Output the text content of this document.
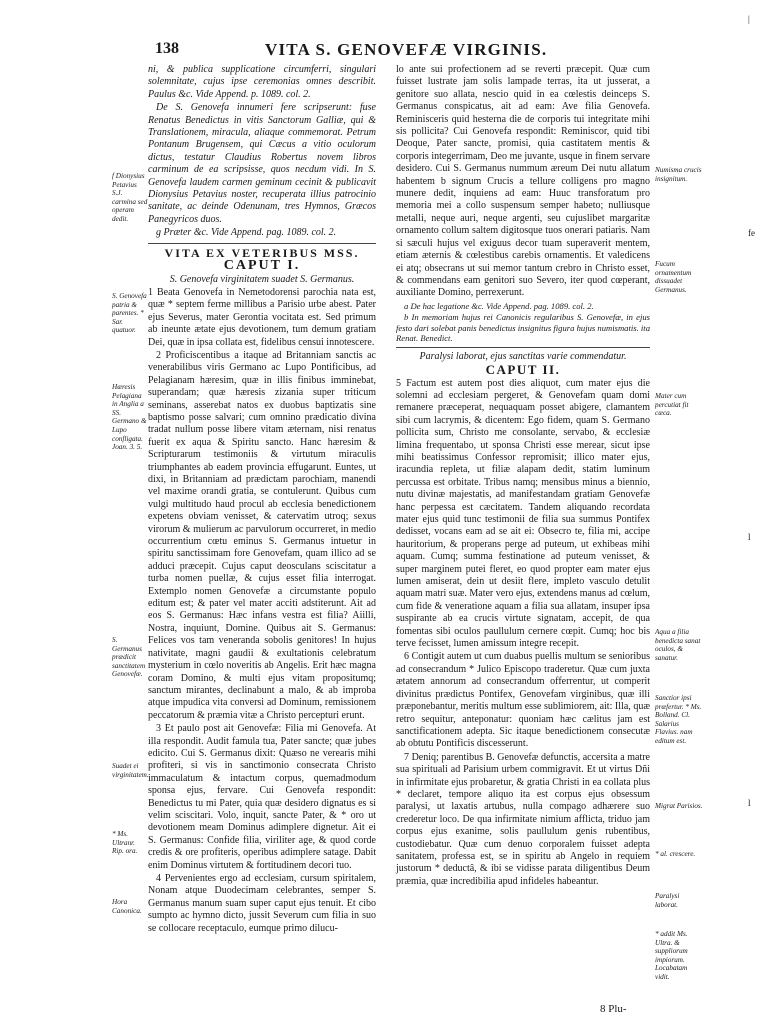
138	VITA S. GENOVEFÆ VIRGINIS.

ni, & publica supplicatione circumferri, singulari solemnitate, cujus ipse ceremonias omnes describit. Paulus &c. Vide Append. p. 1089. col. 2.

De S. Genovefa innumeri fere scripserunt: fuse Renatus Benedictus in vitis Sanctorum Galliæ, qui & Translationem, miracula, aliaque commemorat. Petrum Pontanum Brugensem, qui Cæcus a vitio oculorum dictus, testatur Claudius Robertus novem libros carminum de ea scripsisse, quos necdum vidi. In S. Genovefa laudem carmen geminum cecinit & publicavit Dionysius Petavius noster, recuperata illius patrocinio sanitate, ac deinde Odenunam, tres Hymnos, Græcos Panegyricos duos.

g Præter &c. Vide Append. pag. 1089. col. 2.

VITA EX VETERIBUS MSS.

CAPUT I.

S. Genovefa virginitatem suadet S. Germanus.

1 Beata Genovefa in Nemetodorensi parochia nata est, quæ * septem ferme millibus a Parisio urbe abest. Pater ejus Severus, mater Gerontia vocitata est. Sed primum ab ineunte ætate ejus devotionem, tum demum gratiam Dei, quæ in ipsa collata est, fidelibus censui innotescere.

2 Proficiscentibus a itaque ad Britanniam sanctis ac venerabilibus viris Germano ac Lupo Pontificibus, ad Pelagianam hæresim, quæ in illis finibus imminebat, superandam; quæ hæresis zizania super triticum seminans, asserebat natos ex duobus baptizatis sine baptismo posse salvari; cum omnino prædicatio divina tradat nullum posse libere vitam æternam, nisi renatus fuerit ex aqua & Spiritu sancto. Hanc hæresim & Scripturarum testimoniis & virtutum miraculis triumphantes ab eadem provincia effugarunt. Euntes, ut dixi, in Britanniam ad prædictam parochiam, manendi vel maxime orandi gratia, se contulerunt. Quibus cum vulgi multitudo haud procul ab ecclesia benedictionem expetens obviam venisset, & catervatim utroq; sexus virorum & mulierum ac parvulorum occurreret, in medio occurrentium cœtu eminus S. Germanus intuetur in spiritu sanctissimam fore Genovefam, quam illico ad se adduci præcepit. Cujus caput deosculans sciscitatur a turba nomen puellæ, & cujus esset filia interrogat. Extemplo nomen Genovefæ a circumstante populo editum est; & pater vel mater acciti adstiterunt. Ait ad eos S. Germanus: Hæc infans vestra est filia? Aiilli, Nostra, inquiunt, Domine. Quibus ait S. Germanus: Felices vos tam veneranda sobolis genitores! In hujus nativitate, magni gaudii & exultationis celebratum mysterium in cœlo noveritis ab Angelis. Erit hæc magna coram Domino, & multi ejus vitam propositumq; sanctum mirantes, declinabunt a malo, & ab improba atque impudica vita conversi ad Dominum, remissionem peccatorum & præmia vitæ a Christo percepturi erunt.

3 Et paulo post ait Genovefæ: Filia mi Genovefa. At illa respondit. Audit famula tua, Pater sancte; quæ jubes edicito. Cui S. Germanus dixit: Quæso ne verearis mihi profiteri, si vis in sanctimonio consecrata Christo immaculatum & intactum corpus, quemadmodum sponsa ejus, fervare. Cui Genovefa respondit: Benedictus tu mi Pater, quia quæ desidero dignatus es si velim sciscitari. Volo, inquit, sancte Pater, & * oro ut devotionem meam Dominus adimplere dignetur. Ait ei S. Germanus: Confide filia, viriliter age, & quod corde credis & ore profiteris, operibus adimplere satage. Dabit enim Dominus virtutem & fortitudinem decori tuo.

4 Pervenientes ergo ad ecclesiam, cursum spiritalem, Nonam atque Duodecimam celebrantes, semper S. Germanus manum suam super caput ejus tenuit. Et cibo sumpto ac hymno dicto, jussit Severum cum filia in suo se collocare receptaculo, eumque primo dilucu-

lo ante sui profectionem ad se reverti præcepit. Quæ cum fuisset lustrate jam solis lampade terras, ita ut jusserat, a genitore suo allata, nescio quid in ea cœlestis deinceps S. Germanus conspicatus, ait ad eam: Ave filia Genovefa. Reminisceris quid hesterna die de corporis tui integritate mihi sis pollicita? Cui Genovefa respondit: Reminiscor, quid tibi Deoque, Pater sancte, promisi, quia castitatem mentis & corporis integerrimam, Deo me juvante, usque in finem servare desidero. Cui S. Germanus nummum æreum Dei nutu allatum habentem b signum Crucis a tellure colligens pro magno munere dedit, inquiens ad eam: Huuc transforatum pro memoria mei a collo suspensum semper habeto; nulliusque metalli, neque auri, neque argenti, seu cujuslibet margaritæ ornamento collum saltem digitosque tuos onerari patiaris. Nam si sæculi hujus vel exiguus decor tuam superaverit mentem, etiam æternis & cœlestibus carebis ornamentis. Et valedicens ei atq; obsecrans ut sui memor tantum crebro in Christo esset, & commendans eam genitori suo Severo, iter quod cœperant, auxiliante Domino, perrexerunt.

a De hac legatione &c. Vide Append. pag. 1089. col. 2.

b In memoriam hujus rei Canonicis regularibus S. Genovefæ, in ejus festo dari solebat panis benedictus insignitus figura hujus numismatis. ita Renat. Benedict.

Paralysi laborat, ejus sanctitas varie commendatur.

CAPUT II.

5 Factum est autem post dies aliquot, cum mater ejus die solemni ad ecclesiam pergeret, & Genovefam quam domi remanere præceperat, nequaquam posset abigere, clamantem sibi cum lacrymis, & dicentem: Ego fidem, quam S. Germano pollicita sum, Christo me consolante, servabo, & ecclesiæ limina frequentabo, ut sponsa Christi esse merear, sicut ipse mihi beatissimus Confessor repromisit; illico mater ejus, iracundia repleta, ut filiæ alapam dedit, statim luminum percussa est orbitate. Tribus namq; mensibus minus a biennio, nutu divinæ majestatis, ad manifestandam gratiam Genovefæ hanc perpessa est cæcitatem. Tandem aliquando recordata mater ejus quid tunc testimonii de filia sua summus Pontifex dedisset, vocans eam ad se ait ei: Obsecro te, filia mi, accipe hauritorium, & properans perge ad puteum, ut exhibeas mihi aquam. Cumq; summa festinatione ad puteum venisset, & super marginem putei fleret, eo quod propter eam mater ejus lumen amiserat, dein ut desiit flere, impleto vasculo detulit aquam matri suæ. Mater vero ejus, extendens manus ad cœlum, cum fide & veneratione aquam a filia sua allatam, insuper ipsa suspirante ab ea crucis virtute signatam, accepit, de qua fomentas sibi oculos paullulum cernere cœpit. Cumq; hoc bis terve fecisset, lumen amissum integre recepit.

6 Contigit autem ut cum duabus puellis multum se senioribus ad consecrandum * Julico Episcopo traderetur. Quæ cum juxta ætatem annorum ad consecrandum offerrentur, ut comperit divinitus prædictus Pontifex, Genovefam virginibus, quæ illi præponebantur, meritis multum esse sublimiorem, ait: Illa, quæ retro sequitur, anteponatur: quoniam hæc cælitus jam est sanctificationem adepta. Sic itaque benedictionem consecutæ ab obtutu Pontificis discesserunt.

7 Deniq; parentibus B. Genovefæ defunctis, accersita a matre sua spirituali ad Parisium urbem commigravit. Et ut virtus Dñi in infirmitate ejus probaretur, & gratia Christi in ea collata plus * declaret, tempore aliquo ita est corpus ejus obsessum paralysi, ut laxatis artubus, nulla compago adhærere suo crederetur loco. De qua infirmitate nimium afflicta, triduo jam corpus ejus exanime, solis paullulum genis rubentibus, custodiebatur. Quæ cum denuo corporalem fuisset adepta sanitatem, professa est, se in spiritu ab Angelo in requiem justorum * deductâ, & ibi se vidisse parata diligentibus Deum præmia, quæ incredibilia apud infideles habeantur.

f Dionysius Petavius S.J. carmina sed operam dedit.
S. Genovefa patria & parentes. * Sar. quatuor.
Hæresis Pelagiana in Anglia a SS. Germano & Lupo confligata. Joan. 3. 5.
S. Germanus prædicit sanctitatem Genovefæ.
Suadet ei virginitatem.
* Ms. Ultranr. Rip. ora.
Hora Canonica.
Numisma crucis insignitum.
Fucum ornamentum dissuadet Germanus.
Mater cum percutiat fit cæca.
Aqua a filia benedicta sanat oculos, & sanatur.
Sanctior ipsi præfertur. * Ms. Bolland. Cl. Salarius Flavius. nam editum est.
Migrat Parisios.
* al. crescere.
Paralysi laborat.
* addit Ms. Ultra. & suppliorum impiorum. Locabatam vidit.
|
fe
l
l
8 Plu-
